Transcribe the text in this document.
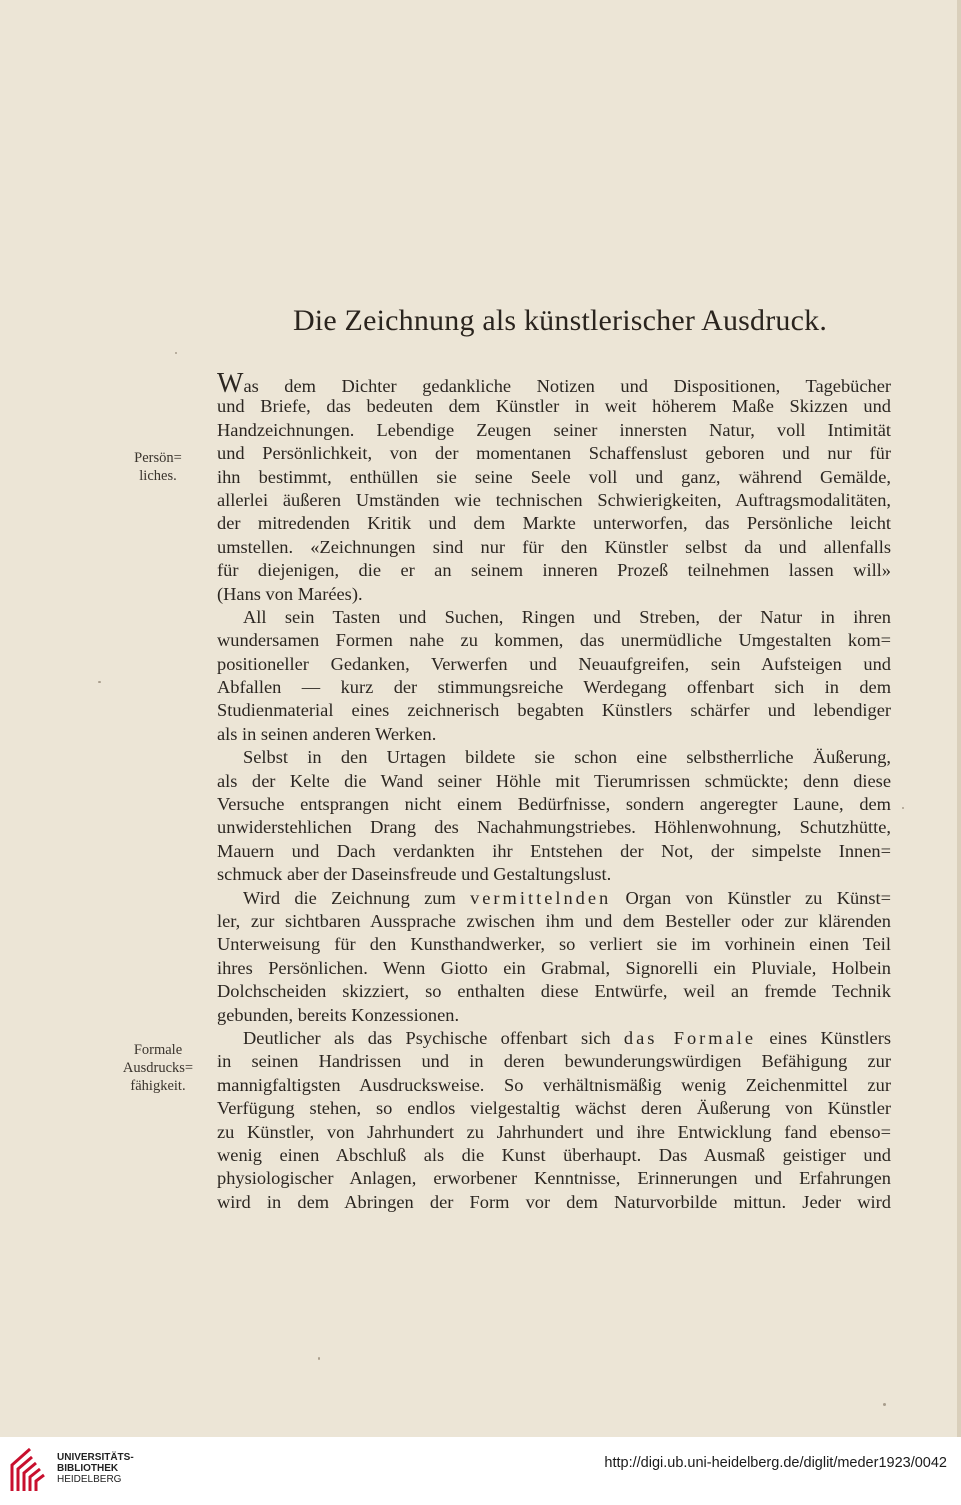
Die Zeichnung als künstlerischer Ausdruck.
Was dem Dichter gedankliche Notizen und Dispositionen, Tagebücher
und Briefe, das bedeuten dem Künstler in weit höherem Maße Skizzen und
Handzeichnungen. Lebendige Zeugen seiner innersten Natur, voll Intimität
und Persönlichkeit, von der momentanen Schaffenslust geboren und nur für
ihn bestimmt, enthüllen sie seine Seele voll und ganz, während Gemälde,
allerlei äußeren Umständen wie technischen Schwierigkeiten, Auftragsmodalitäten,
der mitredenden Kritik und dem Markte unterworfen, das Persönliche leicht
umstellen. «Zeichnungen sind nur für den Künstler selbst da und allenfalls
für diejenigen, die er an seinem inneren Prozeß teilnehmen lassen will»
(Hans von Marées).
All sein Tasten und Suchen, Ringen und Streben, der Natur in ihren
wundersamen Formen nahe zu kommen, das unermüdliche Umgestalten kom=
positioneller Gedanken, Verwerfen und Neuaufgreifen, sein Aufsteigen und
Abfallen — kurz der stimmungsreiche Werdegang offenbart sich in dem
Studienmaterial eines zeichnerisch begabten Künstlers schärfer und lebendiger
als in seinen anderen Werken.
Selbst in den Urtagen bildete sie schon eine selbstherrliche Äußerung,
als der Kelte die Wand seiner Höhle mit Tierumrissen schmückte; denn diese
Versuche entsprangen nicht einem Bedürfnisse, sondern angeregter Laune, dem
unwiderstehlichen Drang des Nachahmungstriebes. Höhlenwohnung, Schutzhütte,
Mauern und Dach verdankten ihr Entstehen der Not, der simpelste Innen=
schmuck aber der Daseinsfreude und Gestaltungslust.
Wird die Zeichnung zum vermittelnden Organ von Künstler zu Künst=
ler, zur sichtbaren Aussprache zwischen ihm und dem Besteller oder zur klärenden
Unterweisung für den Kunsthandwerker, so verliert sie im vorhinein einen Teil
ihres Persönlichen. Wenn Giotto ein Grabmal, Signorelli ein Pluviale, Holbein
Dolchscheiden skizziert, so enthalten diese Entwürfe, weil an fremde Technik
gebunden, bereits Konzessionen.
Deutlicher als das Psychische offenbart sich das Formale eines Künstlers
in seinen Handrissen und in deren bewunderungswürdigen Befähigung zur
mannigfaltigsten Ausdrucksweise. So verhältnismäßig wenig Zeichenmittel zur
Verfügung stehen, so endlos vielgestaltig wächst deren Äußerung von Künstler
zu Künstler, von Jahrhundert zu Jahrhundert und ihre Entwicklung fand ebenso=
wenig einen Abschluß als die Kunst überhaupt. Das Ausmaß geistiger und
physiologischer Anlagen, erworbener Kenntnisse, Erinnerungen und Erfahrungen
wird in dem Abringen der Form vor dem Naturvorbilde mittun. Jeder wird
Persön=
liches.
Formale
Ausdrucks=
fähigkeit.
UNIVERSITÄTS-
BIBLIOTHEK
HEIDELBERG
http://digi.ub.uni-heidelberg.de/diglit/meder1923/0042
